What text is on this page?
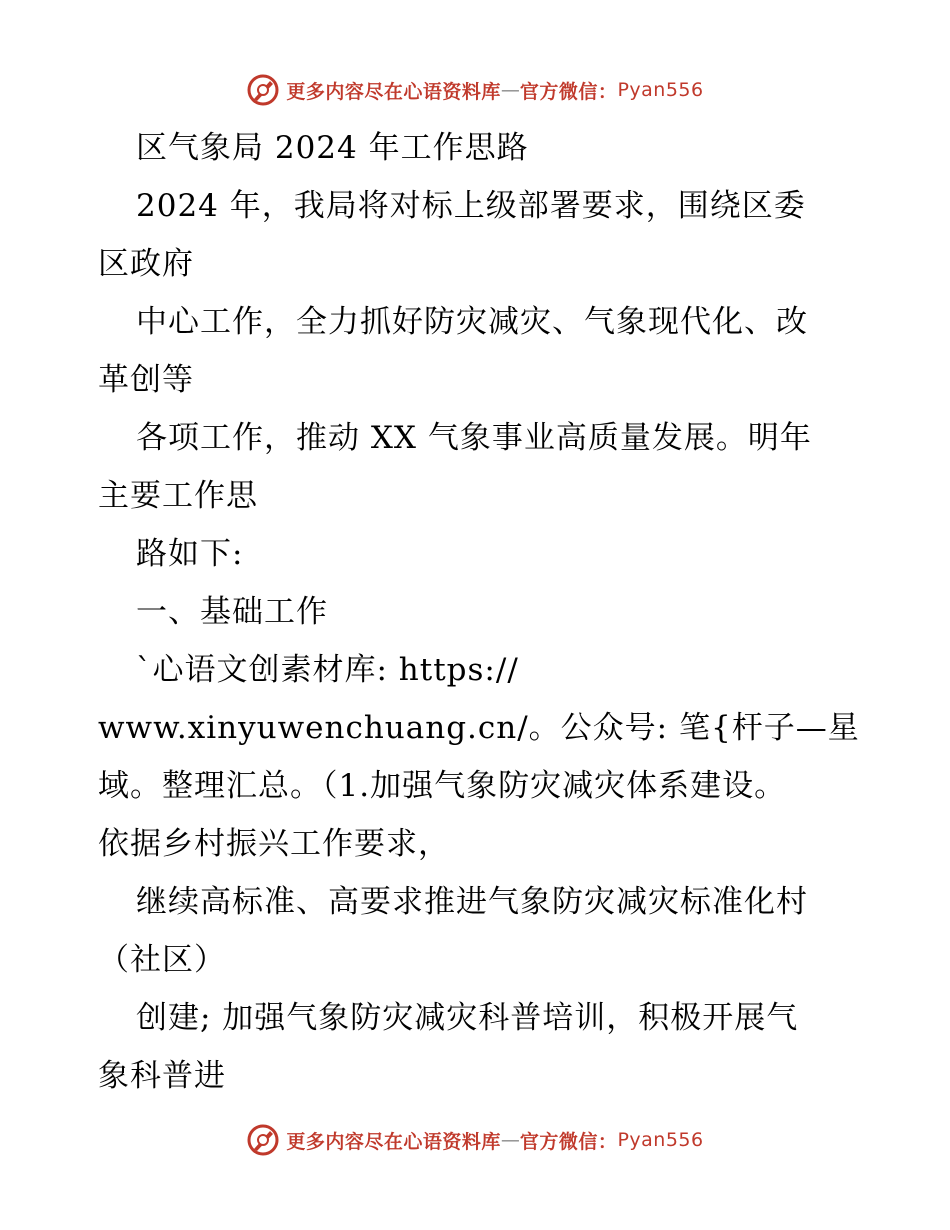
更多内容尽在心语资料库 — 官方微信： Pyan556
区气象局 2024 年工作思路
2024 年，我局将对标上级部署要求，围绕区委
区政府
中心工作，全力抓好防灾减灾、气象现代化、改
革创等
各项工作，推动 XX 气象事业高质量发展。明年
主要工作思
路如下:
一、基础工作
`心语文创素材库: https://
www.xinyuwenchuang.cn/。公众号: 笔{杆子—星
域。整理汇总。（1.加强气象防灾减灾体系建设。
依据乡村振兴工作要求，
继续高标准、高要求推进气象防灾减灾标准化村
（社区）
创建; 加强气象防灾减灾科普培训，积极开展气
象科普进
更多内容尽在心语资料库 — 官方微信： Pyan556
